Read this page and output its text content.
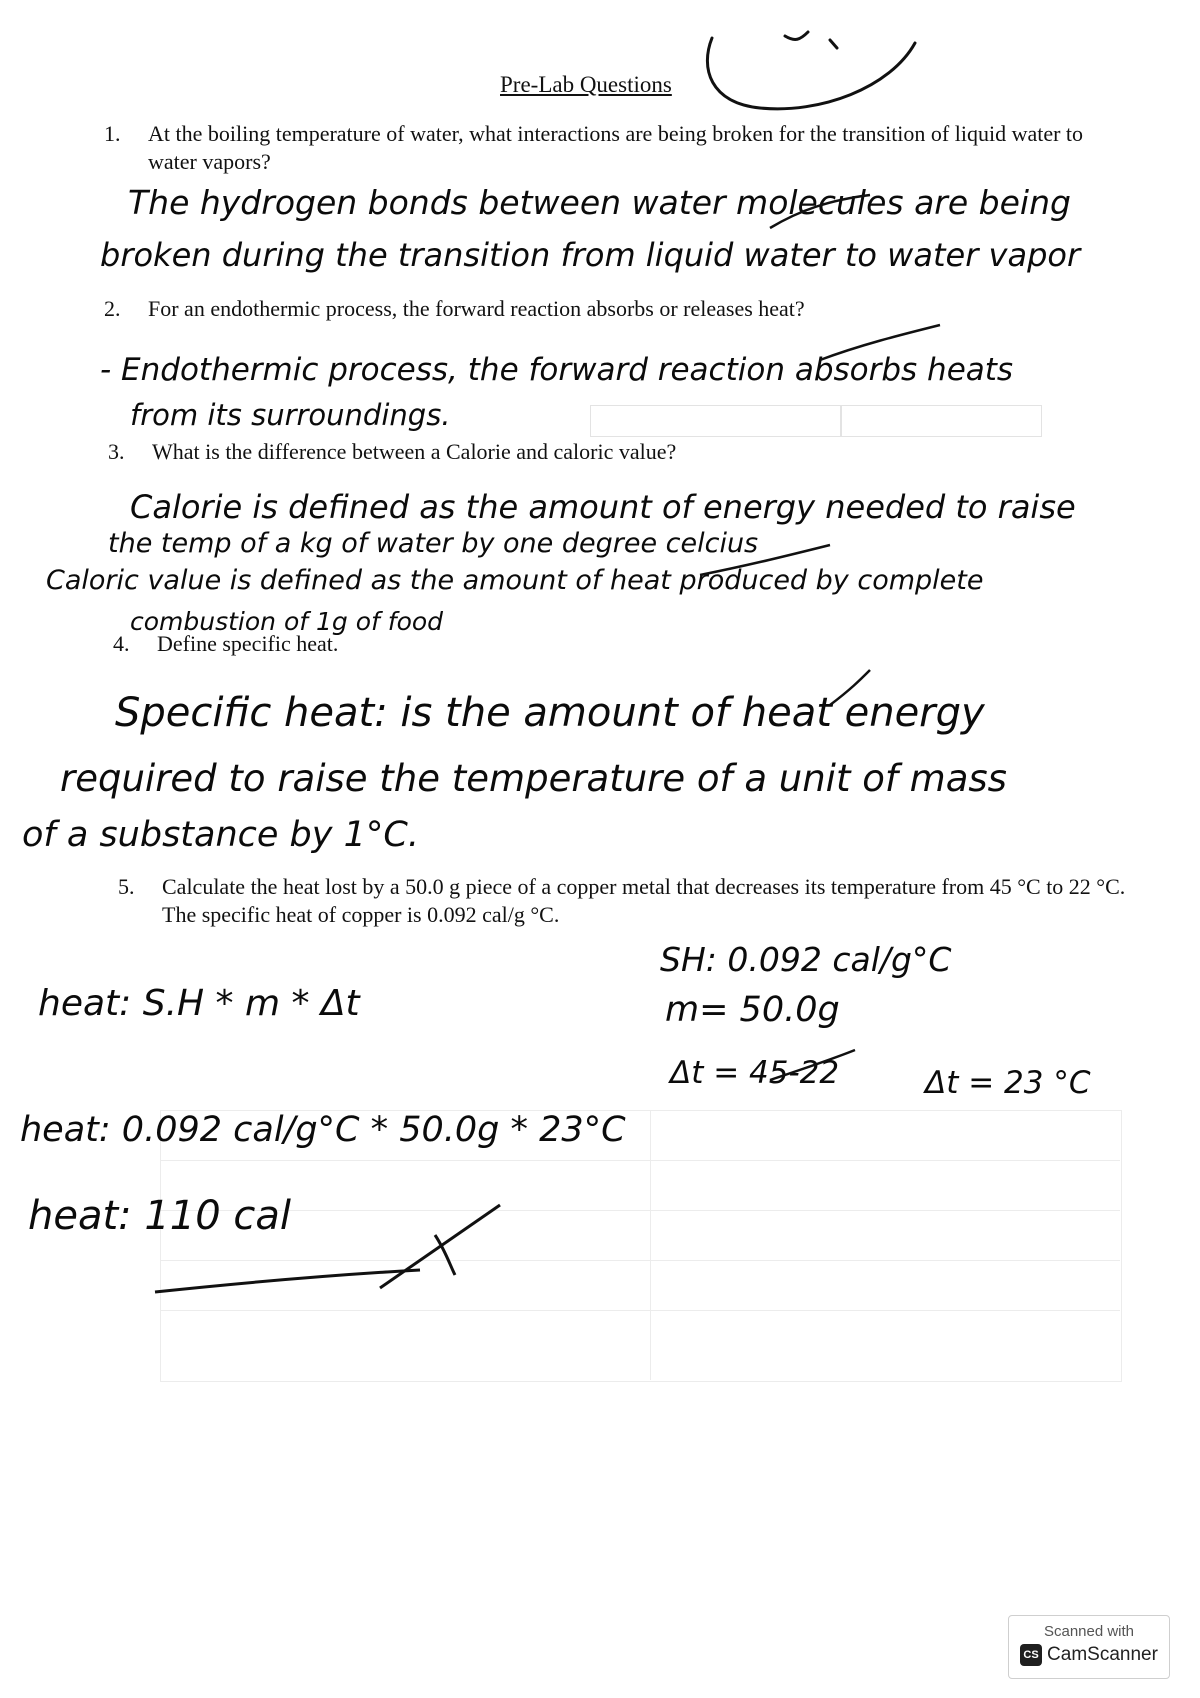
Pre-Lab Questions
1. At the boiling temperature of water, what interactions are being broken for the transition of liquid water to water vapors?
The hydrogen bonds between water molecules are being
broken during the transition from liquid water to water vapor
2. For an endothermic process, the forward reaction absorbs or releases heat?
- Endothermic process, the forward reaction absorbs heats
from its surroundings.
3. What is the difference between a Calorie and caloric value?
Calorie is defined as the amount of energy needed to raise
the temp of a kg of water by one degree celcius
Caloric value is defined as the amount of heat produced by complete
combustion of 1g of food
4. Define specific heat.
Specific heat: is the amount of heat energy
required to raise the temperature of a unit of mass
of a substance by 1°C.
5. Calculate the heat lost by a 50.0 g piece of a copper metal that decreases its temperature from 45 °C to 22 °C. The specific heat of copper is 0.092 cal/g °C.
SH: 0.092 cal/g°C
heat: S.H * m * Δt	m= 50.0g
Δt = 45-22	Δt = 23 °C
heat: 0.092 cal/g°C * 50.0g * 23°C
heat: 110 cal
Scanned with
CS CamScanner
